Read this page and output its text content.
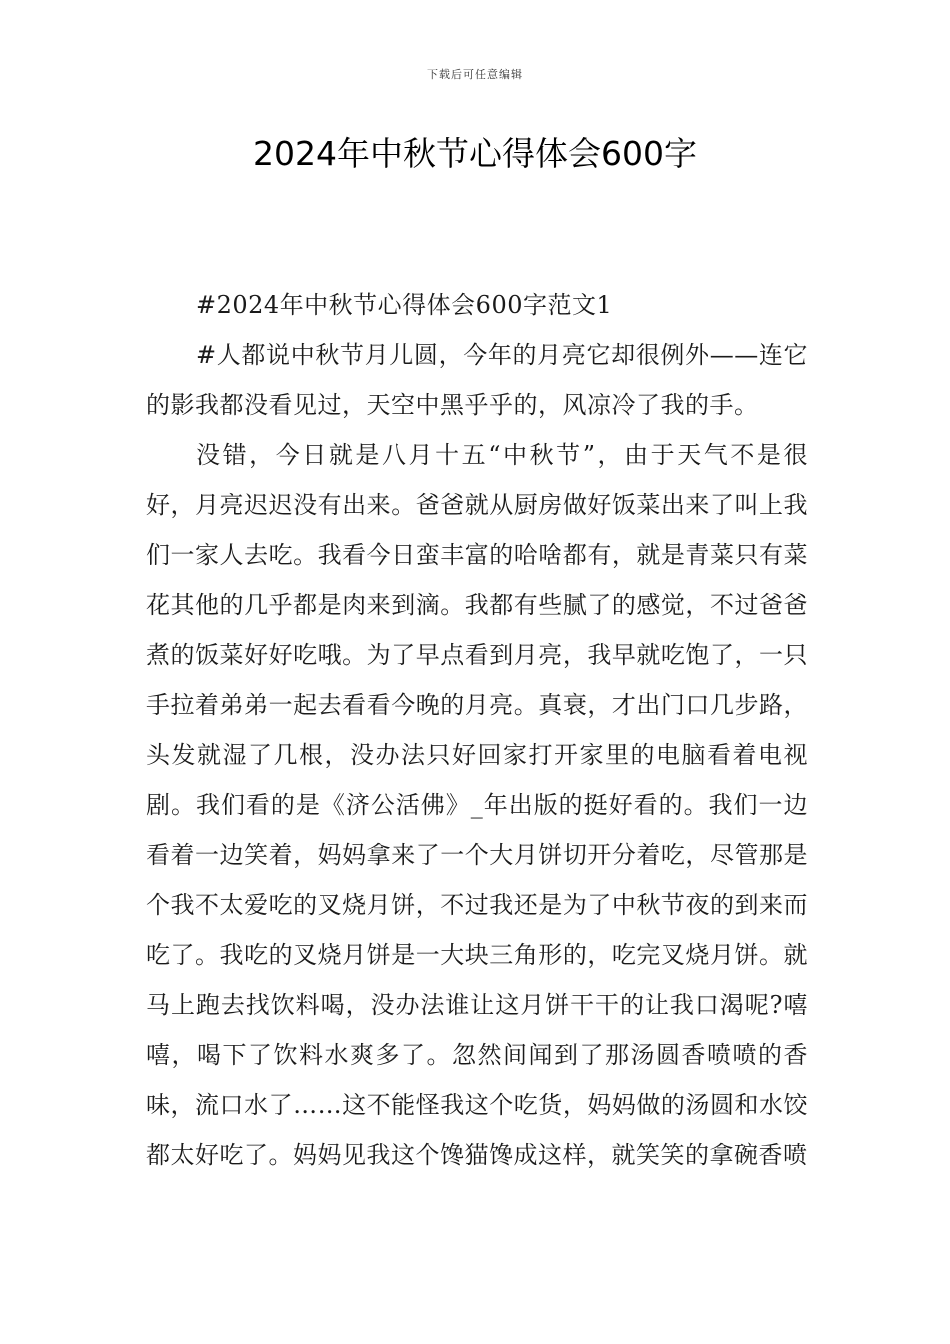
下载后可任意编辑
2024年中秋节心得体会600字

#2024年中秋节心得体会600字范文1

#人都说中秋节月儿圆，今年的月亮它却很例外——连它的影我都没看见过，天空中黑乎乎的，风凉冷了我的手。

没错，今日就是八月十五“中秋节”，由于天气不是很好，月亮迟迟没有出来。爸爸就从厨房做好饭菜出来了叫上我们一家人去吃。我看今日蛮丰富的哈啥都有，就是青菜只有菜花其他的几乎都是肉来到滴。我都有些腻了的感觉，不过爸爸煮的饭菜好好吃哦。为了早点看到月亮，我早就吃饱了，一只手拉着弟弟一起去看看今晚的月亮。真衰，才出门口几步路，头发就湿了几根，没办法只好回家打开家里的电脑看着电视剧。我们看的是《济公活佛》_年出版的挺好看的。我们一边看着一边笑着，妈妈拿来了一个大月饼切开分着吃，尽管那是个我不太爱吃的叉烧月饼，不过我还是为了中秋节夜的到来而吃了。我吃的叉烧月饼是一大块三角形的，吃完叉烧月饼。就马上跑去找饮料喝，没办法谁让这月饼干干的让我口渴呢?嘻嘻，喝下了饮料水爽多了。忽然间闻到了那汤圆香喷喷的香味，流口水了……这不能怪我这个吃货，妈妈做的汤圆和水饺都太好吃了。妈妈见我这个馋猫馋成这样，就笑笑的拿碗香喷
